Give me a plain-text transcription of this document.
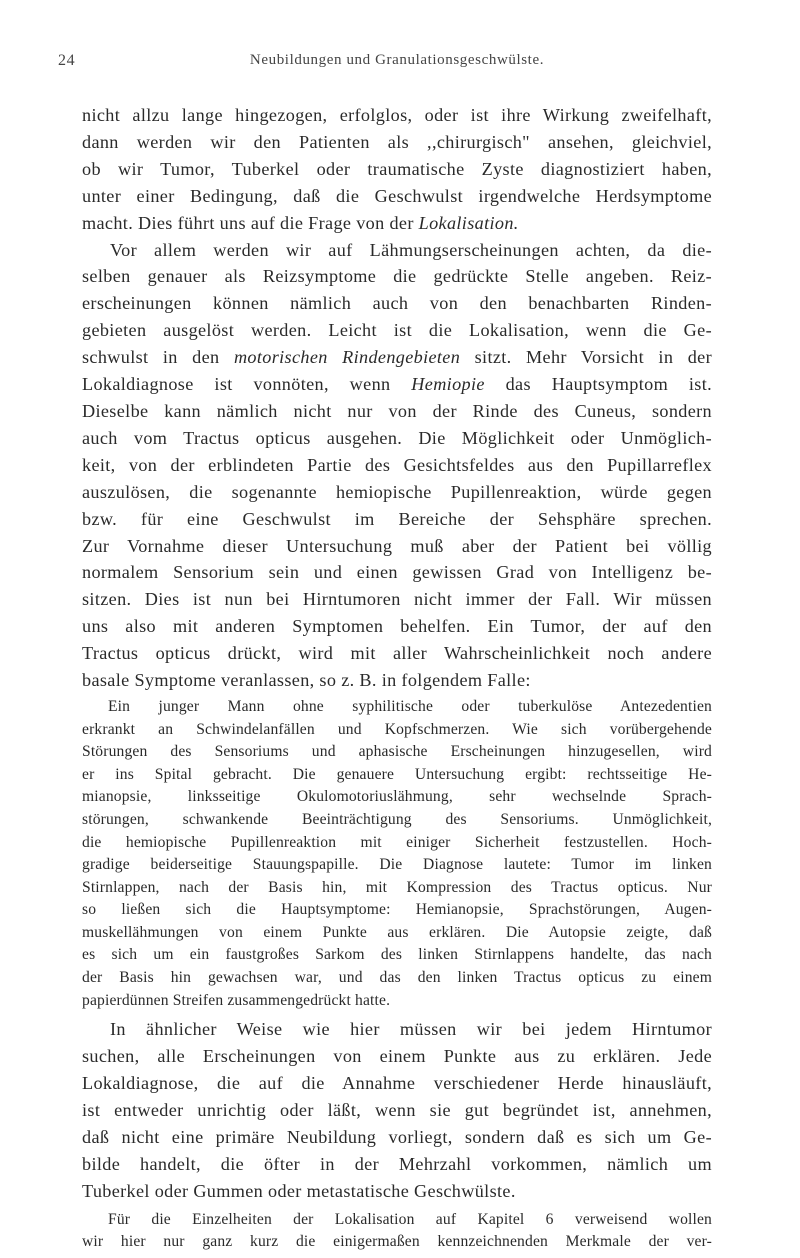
24	Neubildungen und Granulationsgeschwülste.

nicht allzu lange hingezogen, erfolglos, oder ist ihre Wirkung zweifelhaft,
dann werden wir den Patienten als ,,chirurgisch" ansehen, gleichviel,
ob wir Tumor, Tuberkel oder traumatische Zyste diagnostiziert haben,
unter einer Bedingung, daß die Geschwulst irgendwelche Herdsymptome
macht. Dies führt uns auf die Frage von der Lokalisation.

Vor allem werden wir auf Lähmungserscheinungen achten, da die-
selben genauer als Reizsymptome die gedrückte Stelle angeben. Reiz-
erscheinungen können nämlich auch von den benachbarten Rinden-
gebieten ausgelöst werden. Leicht ist die Lokalisation, wenn die Ge-
schwulst in den motorischen Rindengebieten sitzt. Mehr Vorsicht in der
Lokaldiagnose ist vonnöten, wenn Hemiopie das Hauptsymptom ist.
Dieselbe kann nämlich nicht nur von der Rinde des Cuneus, sondern
auch vom Tractus opticus ausgehen. Die Möglichkeit oder Unmöglich-
keit, von der erblindeten Partie des Gesichtsfeldes aus den Pupillarreflex
auszulösen, die sogenannte hemiopische Pupillenreaktion, würde gegen
bzw. für eine Geschwulst im Bereiche der Sehsphäre sprechen.
Zur Vornahme dieser Untersuchung muß aber der Patient bei völlig
normalem Sensorium sein und einen gewissen Grad von Intelligenz be-
sitzen. Dies ist nun bei Hirntumoren nicht immer der Fall. Wir müssen
uns also mit anderen Symptomen behelfen. Ein Tumor, der auf den
Tractus opticus drückt, wird mit aller Wahrscheinlichkeit noch andere
basale Symptome veranlassen, so z. B. in folgendem Falle:

Ein junger Mann ohne syphilitische oder tuberkulöse Antezedentien
erkrankt an Schwindelanfällen und Kopfschmerzen. Wie sich vorübergehende
Störungen des Sensoriums und aphasische Erscheinungen hinzugesellen, wird
er ins Spital gebracht. Die genauere Untersuchung ergibt: rechtsseitige He-
mianopsie, linksseitige Okulomotoriuslähmung, sehr wechselnde Sprach-
störungen, schwankende Beeinträchtigung des Sensoriums. Unmöglichkeit,
die hemiopische Pupillenreaktion mit einiger Sicherheit festzustellen. Hoch-
gradige beiderseitige Stauungspapille. Die Diagnose lautete: Tumor im linken
Stirnlappen, nach der Basis hin, mit Kompression des Tractus opticus. Nur
so ließen sich die Hauptsymptome: Hemianopsie, Sprachstörungen, Augen-
muskellähmungen von einem Punkte aus erklären. Die Autopsie zeigte, daß
es sich um ein faustgroßes Sarkom des linken Stirnlappens handelte, das nach
der Basis hin gewachsen war, und das den linken Tractus opticus zu einem
papierdünnen Streifen zusammengedrückt hatte.

In ähnlicher Weise wie hier müssen wir bei jedem Hirntumor
suchen, alle Erscheinungen von einem Punkte aus zu erklären. Jede
Lokaldiagnose, die auf die Annahme verschiedener Herde hinausläuft,
ist entweder unrichtig oder läßt, wenn sie gut begründet ist, annehmen,
daß nicht eine primäre Neubildung vorliegt, sondern daß es sich um Ge-
bilde handelt, die öfter in der Mehrzahl vorkommen, nämlich um
Tuberkel oder Gummen oder metastatische Geschwülste.

Für die Einzelheiten der Lokalisation auf Kapitel 6 verweisend wollen
wir hier nur ganz kurz die einigermaßen kennzeichnenden Merkmale der ver-
